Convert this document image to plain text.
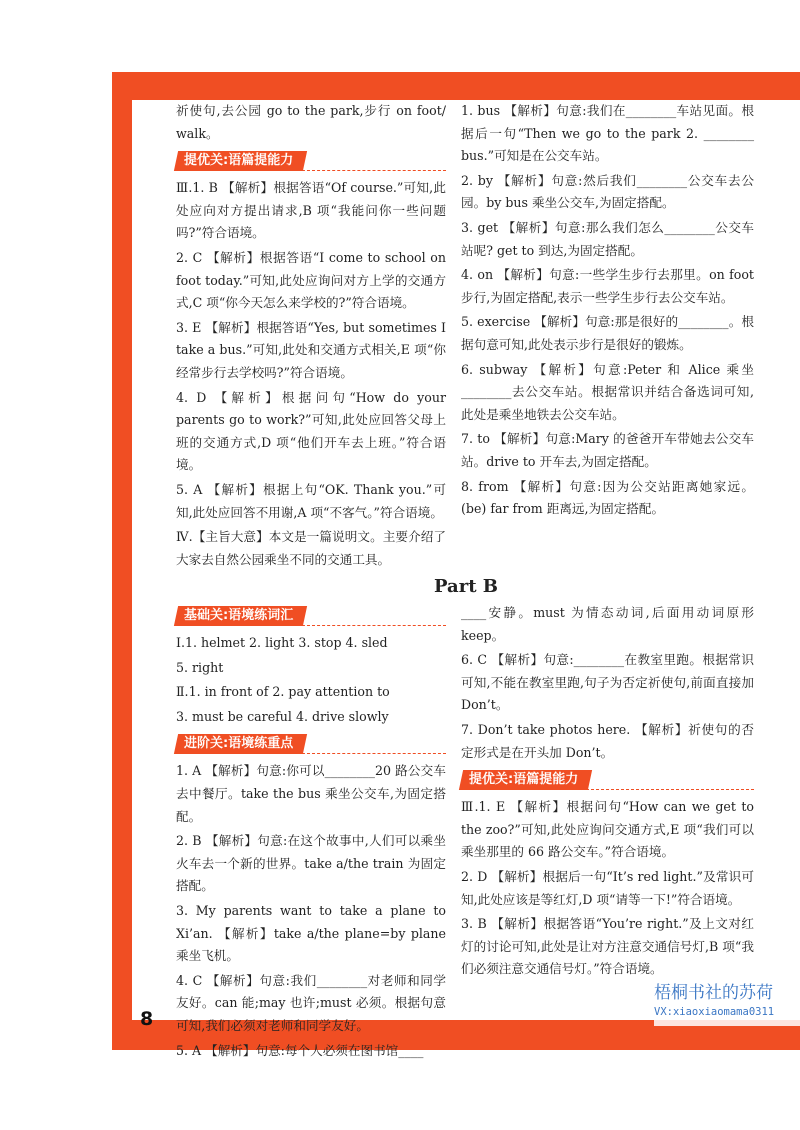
祈使句,去公园 go to the park,步行 on foot/ walk。

提优关:语篇提能力

Ⅲ.1. B 【解析】根据答语“Of course.”可知,此处应向对方提出请求,B 项“我能问你一些问题吗?”符合语境。

2. C 【解析】根据答语“I come to school on foot today.”可知,此处应询问对方上学的交通方式,C 项“你今天怎么来学校的?”符合语境。

3. E 【解析】根据答语“Yes, but sometimes I take a bus.”可知,此处和交通方式相关,E 项“你经常步行去学校吗?”符合语境。

4. D 【解析】根据问句“How do your parents go to work?”可知,此处应回答父母上班的交通方式,D 项“他们开车去上班。”符合语境。

5. A 【解析】根据上句“OK. Thank you.”可知,此处应回答不用谢,A 项“不客气。”符合语境。

Ⅳ.【主旨大意】本文是一篇说明文。主要介绍了大家去自然公园乘坐不同的交通工具。

1. bus 【解析】句意:我们在________车站见面。根据后一句“Then we go to the park 2. ________ bus.”可知是在公交车站。

2. by 【解析】句意:然后我们________公交车去公园。by bus 乘坐公交车,为固定搭配。

3. get 【解析】句意:那么我们怎么________公交车站呢? get to 到达,为固定搭配。

4. on 【解析】句意:一些学生步行去那里。on foot 步行,为固定搭配,表示一些学生步行去公交车站。

5. exercise 【解析】句意:那是很好的________。根据句意可知,此处表示步行是很好的锻炼。

6. subway 【解析】句意:Peter 和 Alice 乘坐________去公交车站。根据常识并结合备选词可知,此处是乘坐地铁去公交车站。

7. to 【解析】句意:Mary 的爸爸开车带她去公交车站。drive to 开车去,为固定搭配。

8. from 【解析】句意:因为公交站距离她家远。(be) far from 距离远,为固定搭配。

Part B
基础关:语境练词汇

Ⅰ.1. helmet 2. light 3. stop 4. sled

5. right

Ⅱ.1. in front of 2. pay attention to

3. must be careful 4. drive slowly

进阶关:语境练重点

1. A 【解析】句意:你可以________20 路公交车去中餐厅。take the bus 乘坐公交车,为固定搭配。

2. B 【解析】句意:在这个故事中,人们可以乘坐火车去一个新的世界。take a/the train 为固定搭配。

3. My parents want to take a plane to Xi’an. 【解析】take a/the plane=by plane 乘坐飞机。

4. C 【解析】句意:我们________对老师和同学友好。can 能;may 也许;must 必须。根据句意可知,我们必须对老师和同学友好。

5. A 【解析】句意:每个人必须在图书馆____

____安静。must 为情态动词,后面用动词原形 keep。

6. C 【解析】句意:________在教室里跑。根据常识可知,不能在教室里跑,句子为否定祈使句,前面直接加 Don’t。

7. Don’t take photos here. 【解析】祈使句的否定形式是在开头加 Don’t。

提优关:语篇提能力

Ⅲ.1. E 【解析】根据问句“How can we get to the zoo?”可知,此处应询问交通方式,E 项“我们可以乘坐那里的 66 路公交车。”符合语境。

2. D 【解析】根据后一句“It’s red light.”及常识可知,此处应该是等红灯,D 项“请等一下!”符合语境。

3. B 【解析】根据答语“You’re right.”及上文对红灯的讨论可知,此处是让对方注意交通信号灯,B 项“我们必须注意交通信号灯。”符合语境。

8
梧桐书社的苏荷
VX:xiaoxiaomama0311
